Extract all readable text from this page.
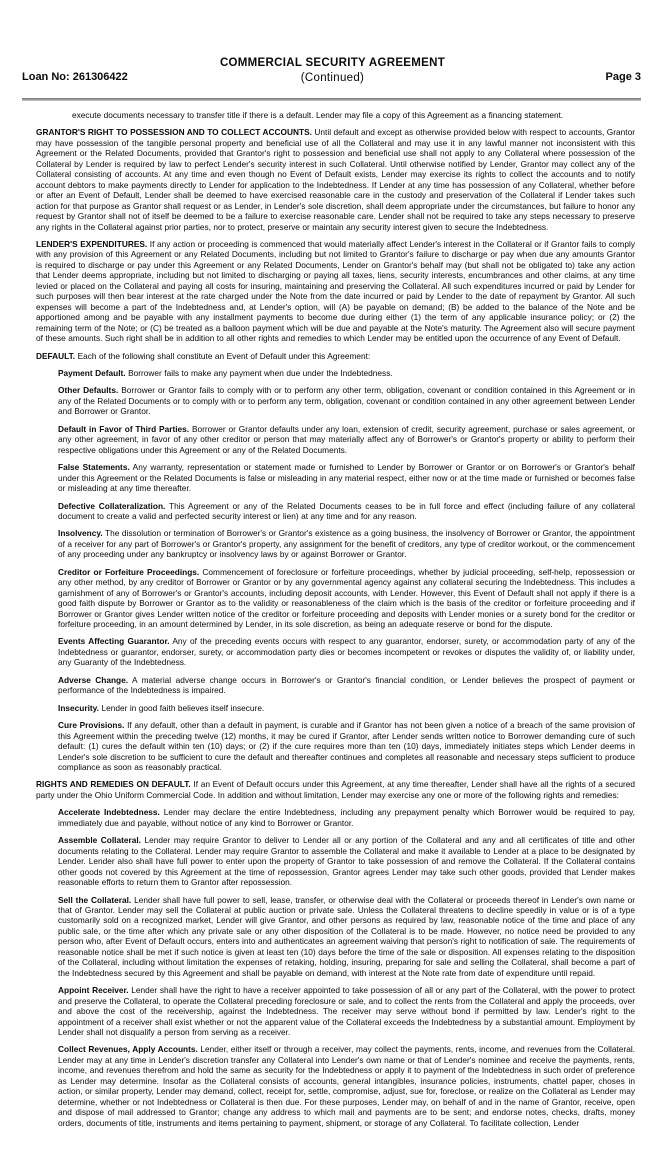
COMMERCIAL SECURITY AGREEMENT
(Continued)
Loan No: 261306422	Page 3

execute documents necessary to transfer title if there is a default. Lender may file a copy of this Agreement as a financing statement.

GRANTOR'S RIGHT TO POSSESSION AND TO COLLECT ACCOUNTS. Until default and except as otherwise provided below with respect to accounts, Grantor may have possession of the tangible personal property and beneficial use of all the Collateral and may use it in any lawful manner not inconsistent with this Agreement or the Related Documents, provided that Grantor's right to possession and beneficial use shall not apply to any Collateral where possession of the Collateral by Lender is required by law to perfect Lender's security interest in such Collateral. Until otherwise notified by Lender, Grantor may collect any of the Collateral consisting of accounts. At any time and even though no Event of Default exists, Lender may exercise its rights to collect the accounts and to notify account debtors to make payments directly to Lender for application to the Indebtedness. If Lender at any time has possession of any Collateral, whether before or after an Event of Default, Lender shall be deemed to have exercised reasonable care in the custody and preservation of the Collateral if Lender takes such action for that purpose as Grantor shall request or as Lender, in Lender's sole discretion, shall deem appropriate under the circumstances, but failure to honor any request by Grantor shall not of itself be deemed to be a failure to exercise reasonable care. Lender shall not be required to take any steps necessary to preserve any rights in the Collateral against prior parties, nor to protect, preserve or maintain any security interest given to secure the Indebtedness.

LENDER'S EXPENDITURES. If any action or proceeding is commenced that would materially affect Lender's interest in the Collateral or if Grantor fails to comply with any provision of this Agreement or any Related Documents, including but not limited to Grantor's failure to discharge or pay when due any amounts Grantor is required to discharge or pay under this Agreement or any Related Documents, Lender on Grantor's behalf may (but shall not be obligated to) take any action that Lender deems appropriate, including but not limited to discharging or paying all taxes, liens, security interests, encumbrances and other claims, at any time levied or placed on the Collateral and paying all costs for insuring, maintaining and preserving the Collateral. All such expenditures incurred or paid by Lender for such purposes will then bear interest at the rate charged under the Note from the date incurred or paid by Lender to the date of repayment by Grantor. All such expenses will become a part of the Indebtedness and, at Lender's option, will (A) be payable on demand; (B) be added to the balance of the Note and be apportioned among and be payable with any installment payments to become due during either (1) the term of any applicable insurance policy; or (2) the remaining term of the Note; or (C) be treated as a balloon payment which will be due and payable at the Note's maturity. The Agreement also will secure payment of these amounts. Such right shall be in addition to all other rights and remedies to which Lender may be entitled upon the occurrence of any Event of Default.

DEFAULT. Each of the following shall constitute an Event of Default under this Agreement:

Payment Default. Borrower fails to make any payment when due under the Indebtedness.

Other Defaults. Borrower or Grantor fails to comply with or to perform any other term, obligation, covenant or condition contained in this Agreement or in any of the Related Documents or to comply with or to perform any term, obligation, covenant or condition contained in any other agreement between Lender and Borrower or Grantor.

Default in Favor of Third Parties. Borrower or Grantor defaults under any loan, extension of credit, security agreement, purchase or sales agreement, or any other agreement, in favor of any other creditor or person that may materially affect any of Borrower's or Grantor's property or ability to perform their respective obligations under this Agreement or any of the Related Documents.

False Statements. Any warranty, representation or statement made or furnished to Lender by Borrower or Grantor or on Borrower's or Grantor's behalf under this Agreement or the Related Documents is false or misleading in any material respect, either now or at the time made or furnished or becomes false or misleading at any time thereafter.

Defective Collateralization. This Agreement or any of the Related Documents ceases to be in full force and effect (including failure of any collateral document to create a valid and perfected security interest or lien) at any time and for any reason.

Insolvency. The dissolution or termination of Borrower's or Grantor's existence as a going business, the insolvency of Borrower or Grantor, the appointment of a receiver for any part of Borrower's or Grantor's property, any assignment for the benefit of creditors, any type of creditor workout, or the commencement of any proceeding under any bankruptcy or insolvency laws by or against Borrower or Grantor.

Creditor or Forfeiture Proceedings. Commencement of foreclosure or forfeiture proceedings, whether by judicial proceeding, self-help, repossession or any other method, by any creditor of Borrower or Grantor or by any governmental agency against any collateral securing the Indebtedness. This includes a garnishment of any of Borrower's or Grantor's accounts, including deposit accounts, with Lender. However, this Event of Default shall not apply if there is a good faith dispute by Borrower or Grantor as to the validity or reasonableness of the claim which is the basis of the creditor or forfeiture proceeding and if Borrower or Grantor gives Lender written notice of the creditor or forfeiture proceeding and deposits with Lender monies or a surety bond for the creditor or forfeiture proceeding, in an amount determined by Lender, in its sole discretion, as being an adequate reserve or bond for the dispute.

Events Affecting Guarantor. Any of the preceding events occurs with respect to any guarantor, endorser, surety, or accommodation party of any of the Indebtedness or guarantor, endorser, surety, or accommodation party dies or becomes incompetent or revokes or disputes the validity of, or liability under, any Guaranty of the Indebtedness.

Adverse Change. A material adverse change occurs in Borrower's or Grantor's financial condition, or Lender believes the prospect of payment or performance of the Indebtedness is impaired.

Insecurity. Lender in good faith believes itself insecure.

Cure Provisions. If any default, other than a default in payment, is curable and if Grantor has not been given a notice of a breach of the same provision of this Agreement within the preceding twelve (12) months, it may be cured if Grantor, after Lender sends written notice to Borrower demanding cure of such default: (1) cures the default within ten (10) days; or (2) if the cure requires more than ten (10) days, immediately initiates steps which Lender deems in Lender's sole discretion to be sufficient to cure the default and thereafter continues and completes all reasonable and necessary steps sufficient to produce compliance as soon as reasonably practical.

RIGHTS AND REMEDIES ON DEFAULT. If an Event of Default occurs under this Agreement, at any time thereafter, Lender shall have all the rights of a secured party under the Ohio Uniform Commercial Code. In addition and without limitation, Lender may exercise any one or more of the following rights and remedies:

Accelerate Indebtedness. Lender may declare the entire Indebtedness, including any prepayment penalty which Borrower would be required to pay, immediately due and payable, without notice of any kind to Borrower or Grantor.

Assemble Collateral. Lender may require Grantor to deliver to Lender all or any portion of the Collateral and any and all certificates of title and other documents relating to the Collateral. Lender may require Grantor to assemble the Collateral and make it available to Lender at a place to be designated by Lender. Lender also shall have full power to enter upon the property of Grantor to take possession of and remove the Collateral. If the Collateral contains other goods not covered by this Agreement at the time of repossession, Grantor agrees Lender may take such other goods, provided that Lender makes reasonable efforts to return them to Grantor after repossession.

Sell the Collateral. Lender shall have full power to sell, lease, transfer, or otherwise deal with the Collateral or proceeds thereof in Lender's own name or that of Grantor. Lender may sell the Collateral at public auction or private sale. Unless the Collateral threatens to decline speedily in value or is of a type customarily sold on a recognized market, Lender will give Grantor, and other persons as required by law, reasonable notice of the time and place of any public sale, or the time after which any private sale or any other disposition of the Collateral is to be made. However, no notice need be provided to any person who, after Event of Default occurs, enters into and authenticates an agreement waiving that person's right to notification of sale. The requirements of reasonable notice shall be met if such notice is given at least ten (10) days before the time of the sale or disposition. All expenses relating to the disposition of the Collateral, including without limitation the expenses of retaking, holding, insuring, preparing for sale and selling the Collateral, shall become a part of the Indebtedness secured by this Agreement and shall be payable on demand, with interest at the Note rate from date of expenditure until repaid.

Appoint Receiver. Lender shall have the right to have a receiver appointed to take possession of all or any part of the Collateral, with the power to protect and preserve the Collateral, to operate the Collateral preceding foreclosure or sale, and to collect the rents from the Collateral and apply the proceeds, over and above the cost of the receivership, against the Indebtedness. The receiver may serve without bond if permitted by law. Lender's right to the appointment of a receiver shall exist whether or not the apparent value of the Collateral exceeds the Indebtedness by a substantial amount. Employment by Lender shall not disqualify a person from serving as a receiver.

Collect Revenues, Apply Accounts. Lender, either itself or through a receiver, may collect the payments, rents, income, and revenues from the Collateral. Lender may at any time in Lender's discretion transfer any Collateral into Lender's own name or that of Lender's nominee and receive the payments, rents, income, and revenues therefrom and hold the same as security for the Indebtedness or apply it to payment of the Indebtedness in such order of preference as Lender may determine. Insofar as the Collateral consists of accounts, general intangibles, insurance policies, instruments, chattel paper, choses in action, or similar property, Lender may demand, collect, receipt for, settle, compromise, adjust, sue for, foreclose, or realize on the Collateral as Lender may determine, whether or not Indebtedness or Collateral is then due. For these purposes, Lender may, on behalf of and in the name of Grantor, receive, open and dispose of mail addressed to Grantor; change any address to which mail and payments are to be sent; and endorse notes, checks, drafts, money orders, documents of title, instruments and items pertaining to payment, shipment, or storage of any Collateral. To facilitate collection, Lender
